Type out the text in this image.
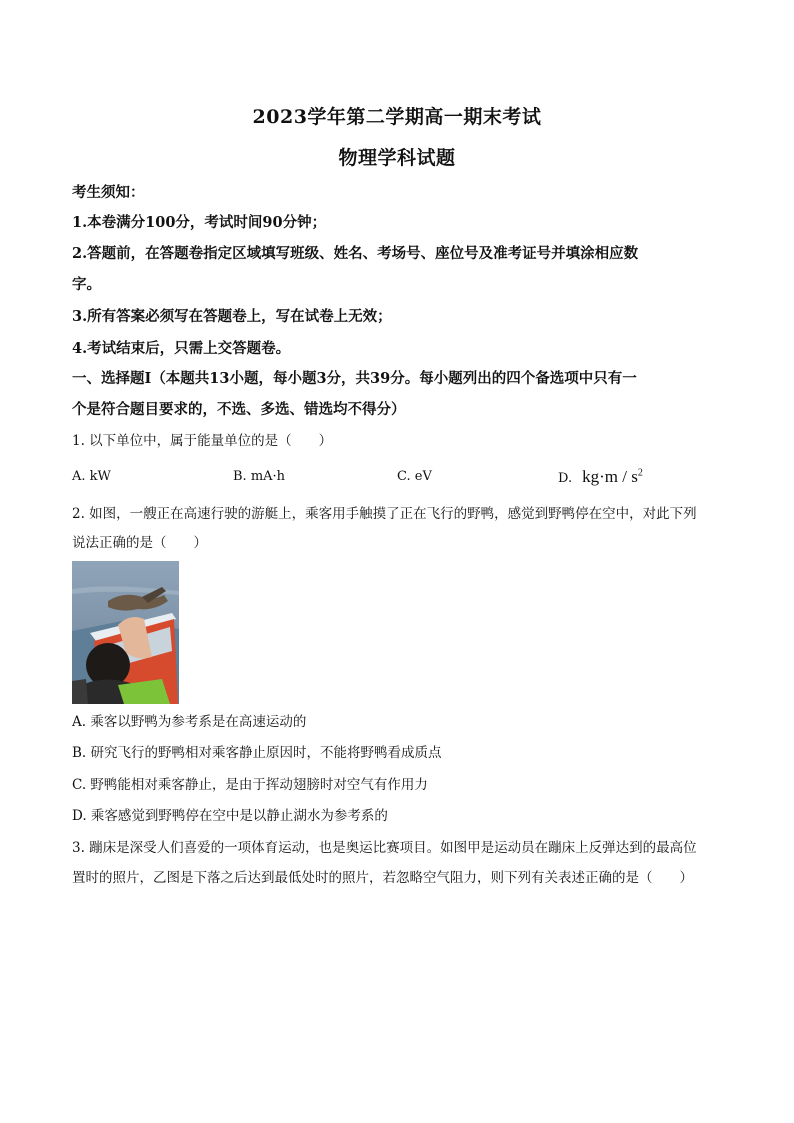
2023学年第二学期高一期末考试
物理学科试题
考生须知：
1.本卷满分100分，考试时间90分钟；
2.答题前，在答题卷指定区域填写班级、姓名、考场号、座位号及准考证号并填涂相应数
字。
3.所有答案必须写在答题卷上，写在试卷上无效；
4.考试结束后，只需上交答题卷。
一、选择题Ⅰ（本题共13小题，每小题3分，共39分。每小题列出的四个备选项中只有一
个是符合题目要求的，不选、多选、错选均不得分）
1. 以下单位中，属于能量单位的是（　　）
A. kW	B. mA·h	C. eV	D. $kg\cdot m / s^2$
2. 如图，一艘正在高速行驶的游艇上，乘客用手触摸了正在飞行的野鸭，感觉到野鸭停在空中，对此下列
说法正确的是（　　）
A. 乘客以野鸭为参考系是在高速运动的
B. 研究飞行的野鸭相对乘客静止原因时，不能将野鸭看成质点
C. 野鸭能相对乘客静止，是由于挥动翅膀时对空气有作用力
D. 乘客感觉到野鸭停在空中是以静止湖水为参考系的
3. 蹦床是深受人们喜爱的一项体育运动，也是奥运比赛项目。如图甲是运动员在蹦床上反弹达到的最高位
置时的照片，乙图是下落之后达到最低处时的照片，若忽略空气阻力，则下列有关表述正确的是（　　）
